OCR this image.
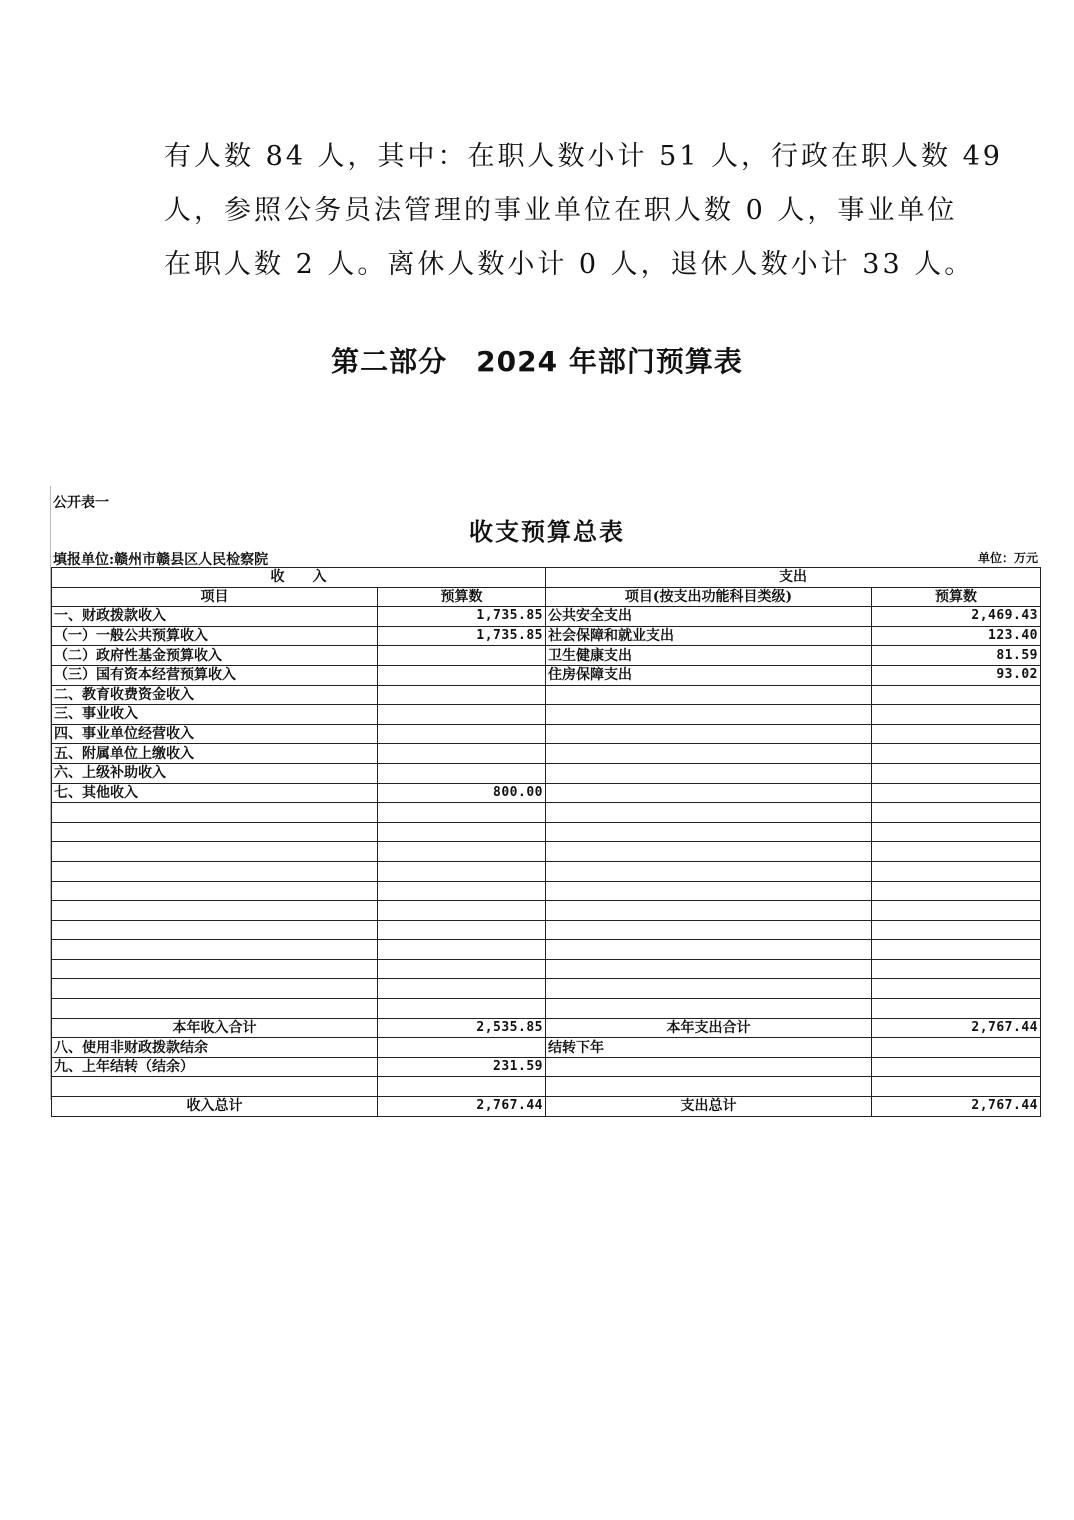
有人数 84 人，其中：在职人数小计 51 人，行政在职人数 49
人，参照公务员法管理的事业单位在职人数 0 人，事业单位
在职人数 2 人。离休人数小计 0 人，退休人数小计 33 人。
第二部分　2024 年部门预算表
公开表一
收支预算总表
填报单位:赣州市赣县区人民检察院	单位：万元
收　　入		支出	
项目	预算数	项目(按支出功能科目类级)	预算数
一、财政拨款收入	1,735.85	公共安全支出	2,469.43
（一）一般公共预算收入	1,735.85	社会保障和就业支出	123.40
（二）政府性基金预算收入		卫生健康支出	81.59
（三）国有资本经营预算收入		住房保障支出	93.02
二、教育收费资金收入			
三、事业收入			
四、事业单位经营收入			
五、附属单位上缴收入			
六、上级补助收入			
七、其他收入	800.00		

本年收入合计	2,535.85	本年支出合计	2,767.44
八、使用非财政拨款结余		结转下年	
九、上年结转（结余）	231.59		

收入总计	2,767.44	支出总计	2,767.44
